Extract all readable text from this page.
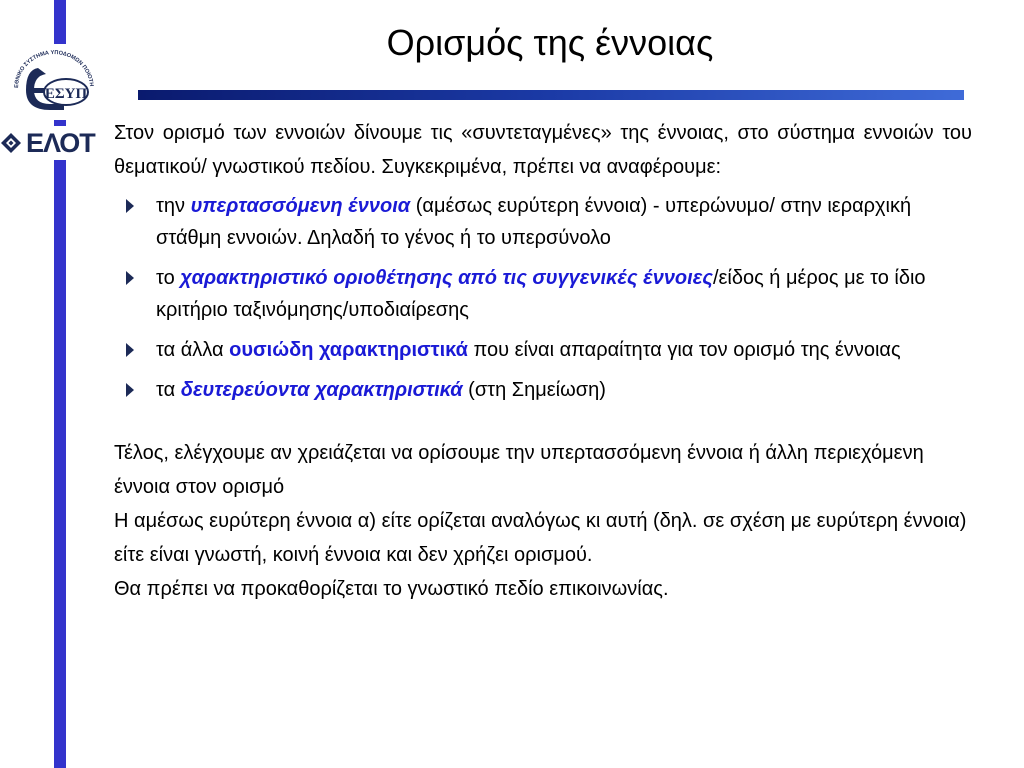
ΕΘΝΙΚΟ ΣΥΣΤΗΜΑ ΥΠΟΔΟΜΩΝ ΠΟΙΟΤΗ
ΕΣΥΠ
ΕΛΟΤ
Ορισμός της έννοιας

Στον ορισμό των εννοιών δίνουμε τις «συντεταγμένες» της έννοιας, στο σύστημα εννοιών του θεματικού/ γνωστικού πεδίου. Συγκεκριμένα, πρέπει να αναφέρουμε:

την υπερτασσόμενη έννοια (αμέσως ευρύτερη έννοια) - υπερώνυμο/ στην ιεραρχική στάθμη εννοιών. Δηλαδή το γένος ή το υπερσύνολο
το χαρακτηριστικό οριοθέτησης από τις συγγενικές έννοιες/είδος ή μέρος με το ίδιο κριτήριο ταξινόμησης/υποδιαίρεσης
τα άλλα ουσιώδη χαρακτηριστικά που είναι απαραίτητα για τον ορισμό της έννοιας
τα δευτερεύοντα χαρακτηριστικά (στη Σημείωση)

Τέλος, ελέγχουμε αν χρειάζεται να ορίσουμε την υπερτασσόμενη έννοια ή άλλη περιεχόμενη έννοια στον ορισμό

Η αμέσως ευρύτερη έννοια α) είτε ορίζεται αναλόγως κι αυτή (δηλ. σε σχέση με ευρύτερη έννοια) είτε είναι γνωστή, κοινή έννοια και δεν χρήζει ορισμού.

Θα πρέπει να προκαθορίζεται το γνωστικό πεδίο επικοινωνίας.
